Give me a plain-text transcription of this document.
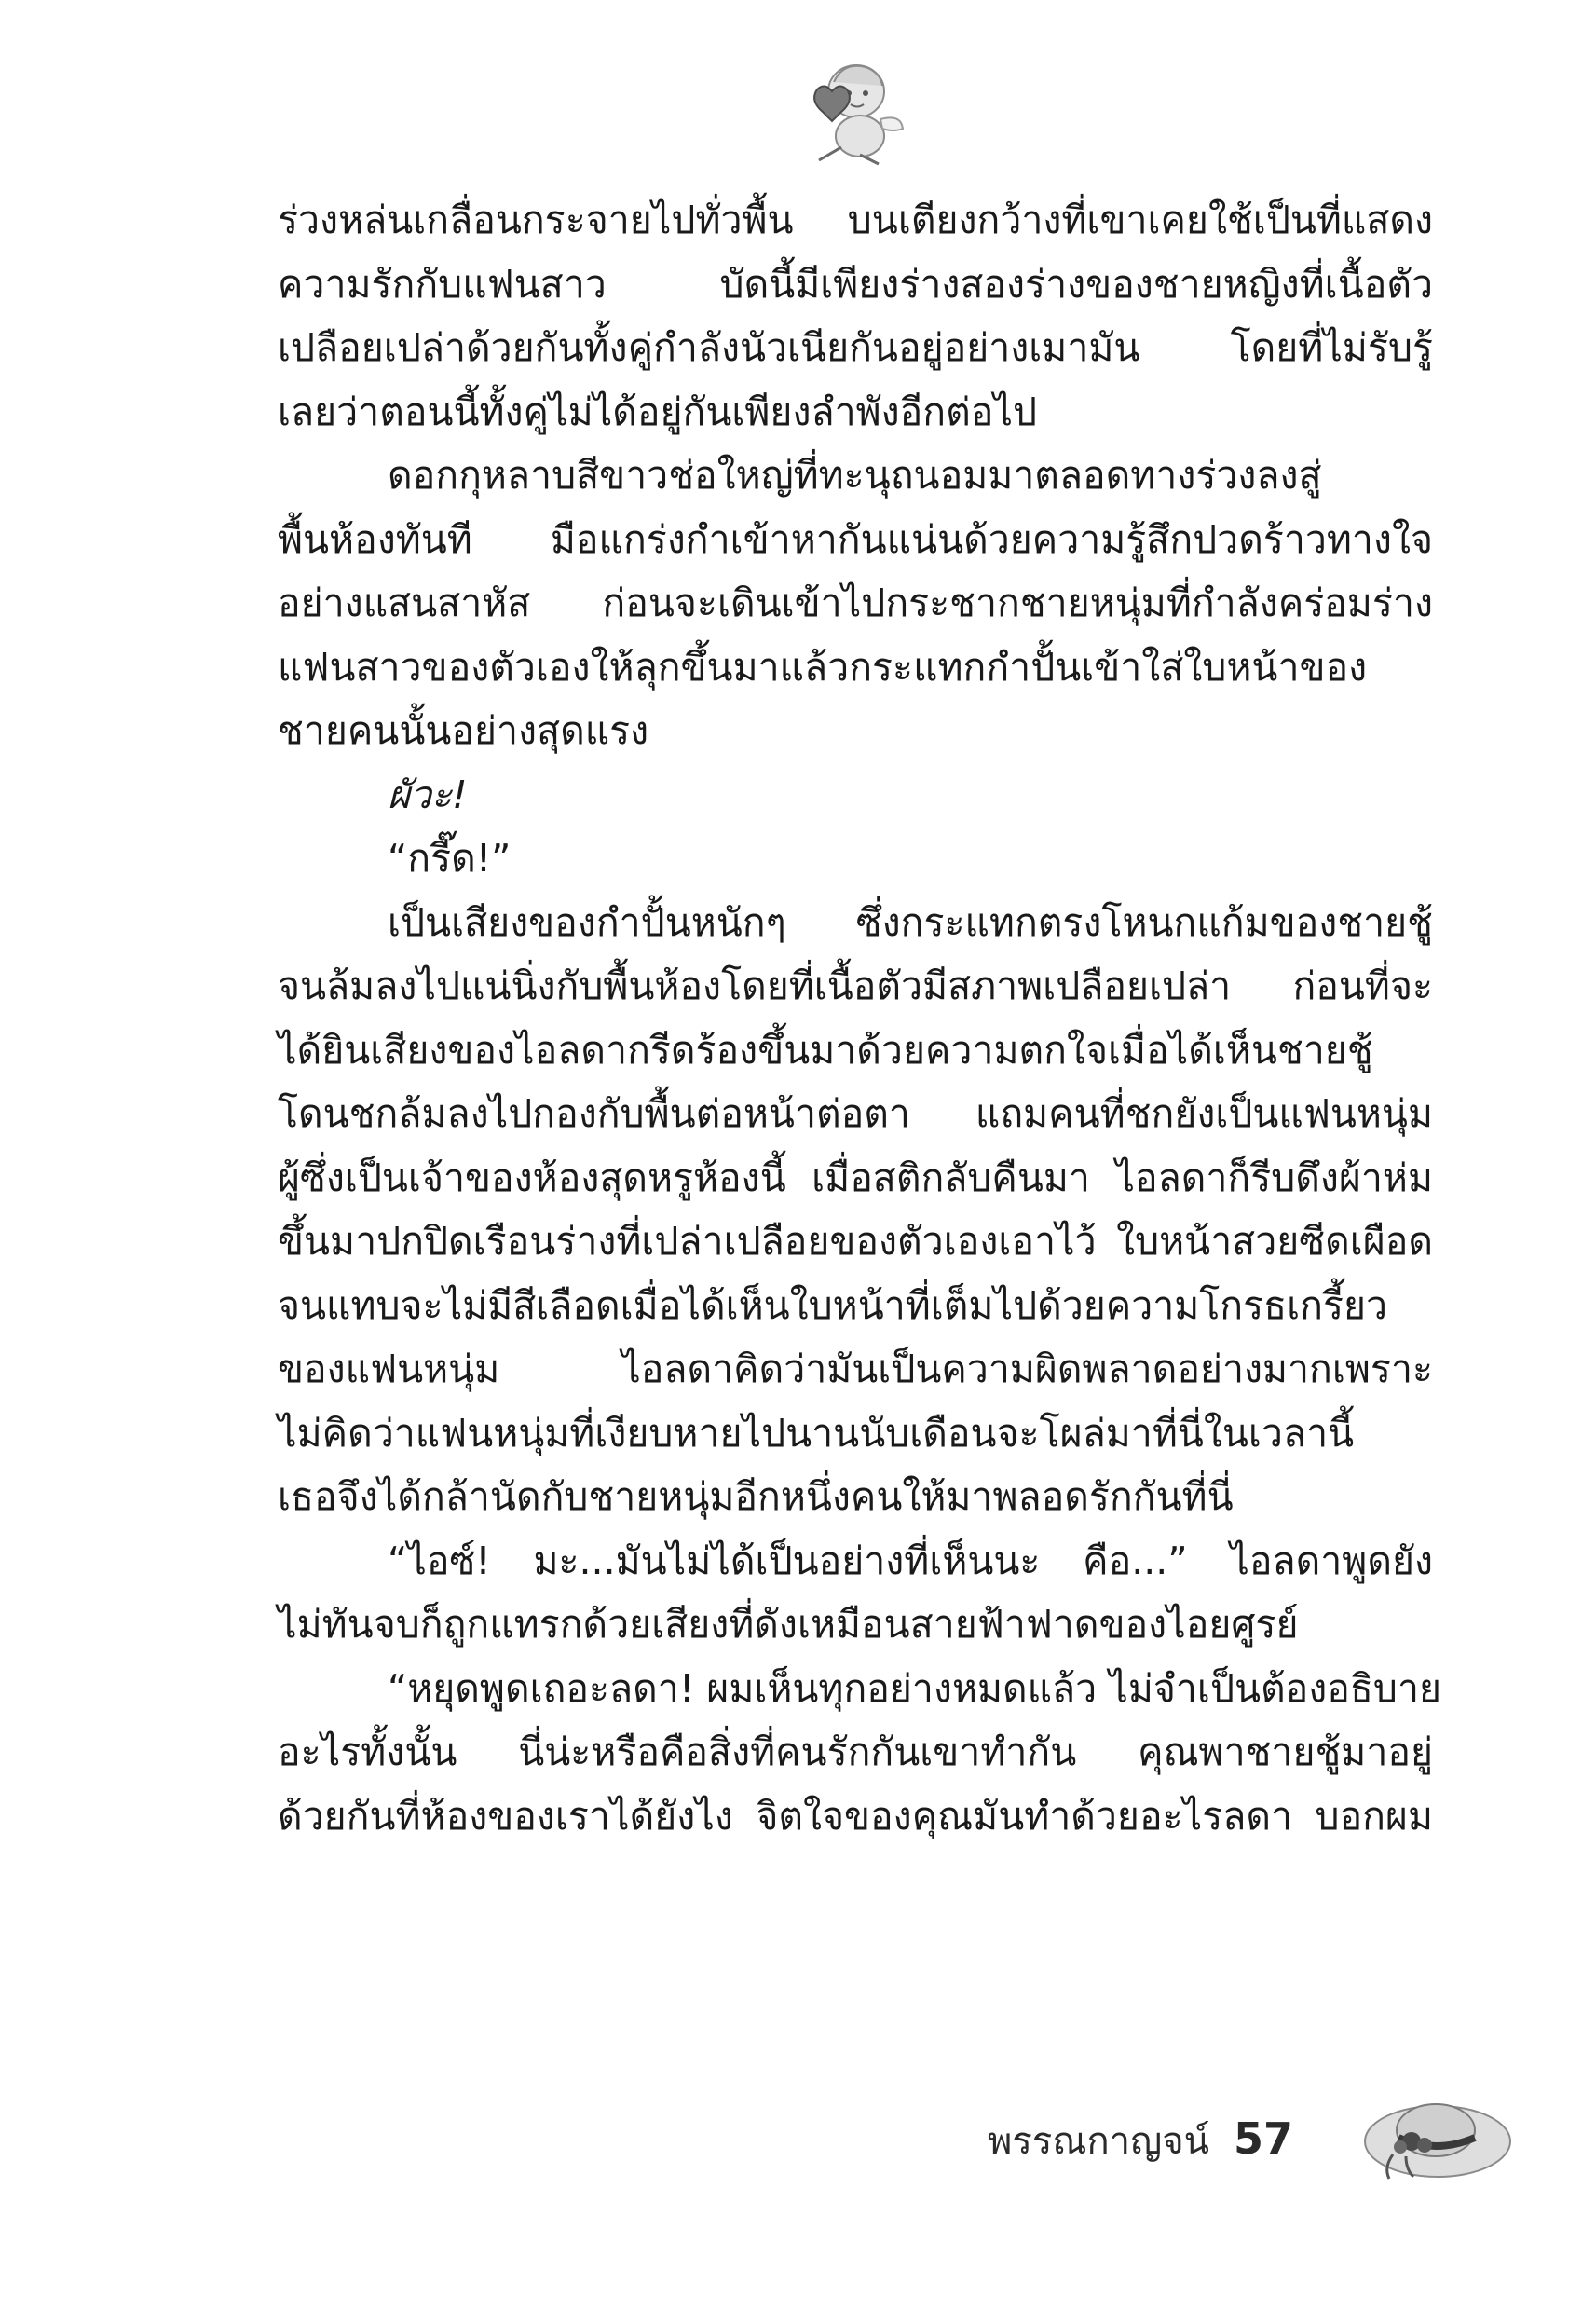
ร่วงหล่นเกลื่อนกระจายไปทั่วพื้น บนเตียงกว้างที่เขาเคยใช้เป็นที่แสดง
ความรักกับแฟนสาว บัดนี้มีเพียงร่างสองร่างของชายหญิงที่เนื้อตัว
เปลือยเปล่าด้วยกันทั้งคู่กำลังนัวเนียกันอยู่อย่างเมามัน โดยที่ไม่รับรู้
เลยว่าตอนนี้ทั้งคู่ไม่ได้อยู่กันเพียงลำพังอีกต่อไป
ดอกกุหลาบสีขาวช่อใหญ่ที่ทะนุถนอมมาตลอดทางร่วงลงสู่
พื้นห้องทันที มือแกร่งกำเข้าหากันแน่นด้วยความรู้สึกปวดร้าวทางใจ
อย่างแสนสาหัส ก่อนจะเดินเข้าไปกระชากชายหนุ่มที่กำลังคร่อมร่าง
แฟนสาวของตัวเองให้ลุกขึ้นมาแล้วกระแทกกำปั้นเข้าใส่ใบหน้าของ
ชายคนนั้นอย่างสุดแรง
ผัวะ!
“กรี๊ด!”
เป็นเสียงของกำปั้นหนักๆ ซึ่งกระแทกตรงโหนกแก้มของชายชู้
จนล้มลงไปแน่นิ่งกับพื้นห้องโดยที่เนื้อตัวมีสภาพเปลือยเปล่า ก่อนที่จะ
ได้ยินเสียงของไอลดากรีดร้องขึ้นมาด้วยความตกใจเมื่อได้เห็นชายชู้
โดนชกล้มลงไปกองกับพื้นต่อหน้าต่อตา แถมคนที่ชกยังเป็นแฟนหนุ่ม
ผู้ซึ่งเป็นเจ้าของห้องสุดหรูห้องนี้ เมื่อสติกลับคืนมา ไอลดาก็รีบดึงผ้าห่ม
ขึ้นมาปกปิดเรือนร่างที่เปล่าเปลือยของตัวเองเอาไว้ ใบหน้าสวยซีดเผือด
จนแทบจะไม่มีสีเลือดเมื่อได้เห็นใบหน้าที่เต็มไปด้วยความโกรธเกรี้ยว
ของแฟนหนุ่ม ไอลดาคิดว่ามันเป็นความผิดพลาดอย่างมากเพราะ
ไม่คิดว่าแฟนหนุ่มที่เงียบหายไปนานนับเดือนจะโผล่มาที่นี่ในเวลานี้
เธอจึงได้กล้านัดกับชายหนุ่มอีกหนึ่งคนให้มาพลอดรักกันที่นี่
“ไอซ์! มะ...มันไม่ได้เป็นอย่างที่เห็นนะ คือ...” ไอลดาพูดยัง
ไม่ทันจบก็ถูกแทรกด้วยเสียงที่ดังเหมือนสายฟ้าฟาดของไอยศูรย์
“หยุดพูดเถอะลดา! ผมเห็นทุกอย่างหมดแล้ว ไม่จำเป็นต้องอธิบาย
อะไรทั้งนั้น นี่น่ะหรือคือสิ่งที่คนรักกันเขาทำกัน คุณพาชายชู้มาอยู่
ด้วยกันที่ห้องของเราได้ยังไง จิตใจของคุณมันทำด้วยอะไรลดา บอกผม
พรรณกาญจน์ 57
